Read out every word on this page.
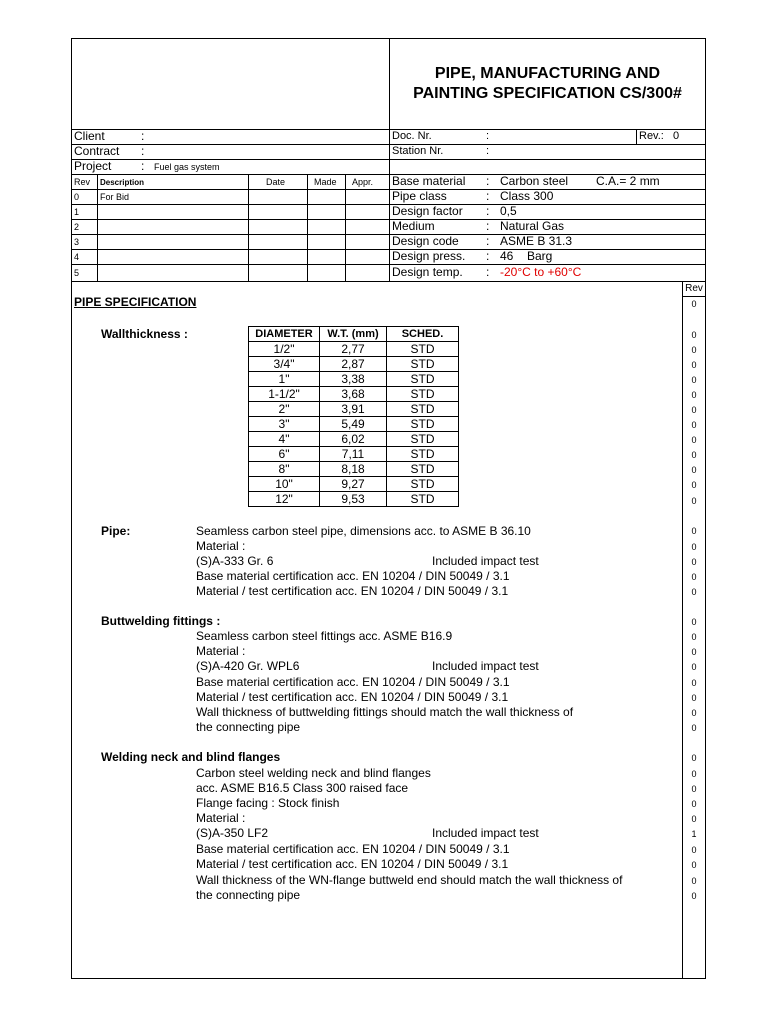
PIPE, MANUFACTURING AND
PAINTING SPECIFICATION CS/300#
Client	:
Contract :
Project : Fuel gas system
Doc. Nr.	:	Rev.: 0
Station Nr.	:
Rev Description	Date	Made Appr.
0 For Bid
1
2
3
4
5
Base material : Carbon steel C.A.= 2 mm
Pipe class	: Class 300
Design factor : 0,5
Medium	: Natural Gas
Design code : ASME B 31.3
Design press. : 46 Barg
Design temp. : -20°C to +60°C
Rev
PIPE SPECIFICATION
Wallthickness :	DIAMETER	W.T. (mm)	SCHED.
1/2"	2,77	STD
3/4"	2,87	STD
1"	3,38	STD
1-1/2"	3,68	STD
2"	3,91	STD
3"	5,49	STD
4"	6,02	STD
6"	7,11	STD
8"	8,18	STD
10"	9,27	STD
12"	9,53	STD
Pipe:	Seamless carbon steel pipe, dimensions acc. to ASME B 36.10
Material :
(S)A-333 Gr. 6	Included impact test
Base material certification acc. EN 10204 / DIN 50049 / 3.1
Material / test certification acc. EN 10204 / DIN 50049 / 3.1
Buttwelding fittings :
Seamless carbon steel fittings acc. ASME B16.9
Material :
(S)A-420 Gr. WPL6	Included impact test
Base material certification acc. EN 10204 / DIN 50049 / 3.1
Material / test certification acc. EN 10204 / DIN 50049 / 3.1
Wall thickness of buttwelding fittings should match the wall thickness of
the connecting pipe
Welding neck and blind flanges
Carbon steel welding neck and blind flanges
acc. ASME B16.5 Class 300 raised face
Flange facing : Stock finish
Material :
(S)A-350 LF2	Included impact test
Base material certification acc. EN 10204 / DIN 50049 / 3.1
Material / test certification acc. EN 10204 / DIN 50049 / 3.1
Wall thickness of the WN-flange buttweld end should match the wall thickness of
the connecting pipe
0
0
0
0
0
0
0
0
0
0
0
0
0
0
0
0
0
0
0
0
0
0
0
0
0
0
0
0
0
0
0
1
0
0
0
0
